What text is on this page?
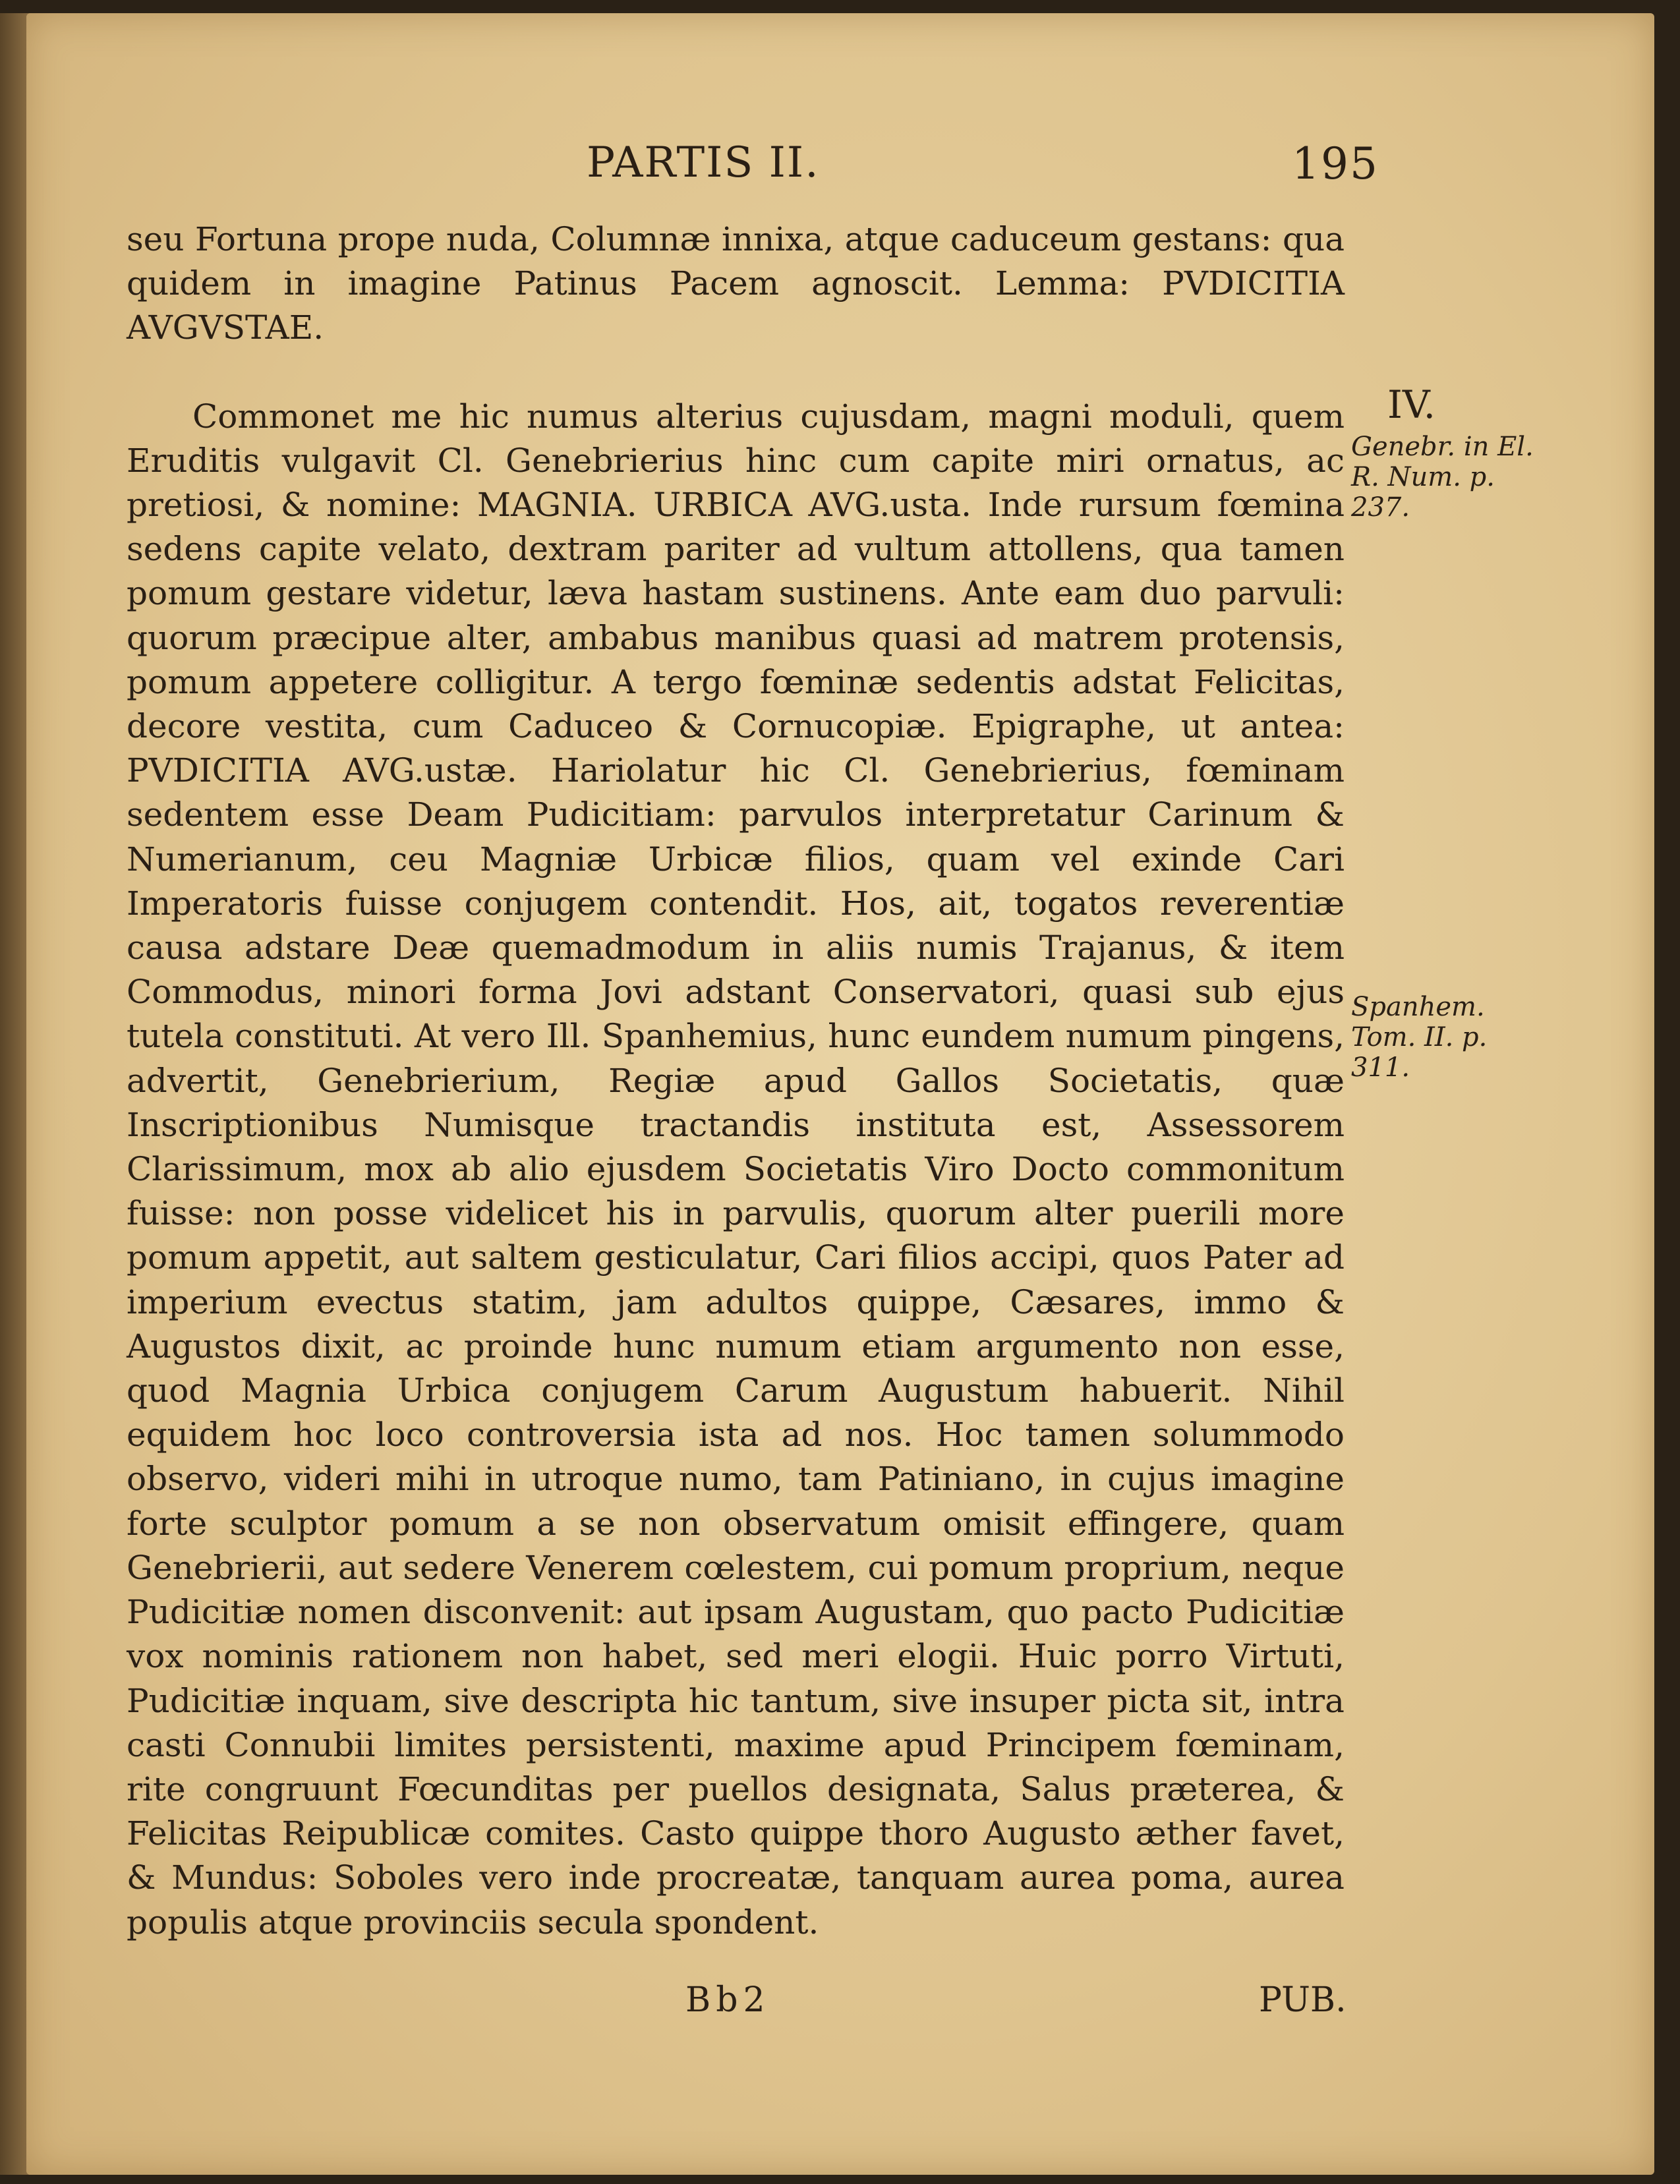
PARTIS II.	195

seu Fortuna prope nuda, Columnæ innixa, atque caduceum gestans: qua quidem in imagine Patinus Pacem agnoscit. Lemma: PVDICITIA AVGVSTAE.

Commonet me hic numus alterius cujusdam, magni moduli, quem Eruditis vulgavit Cl. Genebrierius hinc cum capite miri ornatus, ac pretiosi, & nomine: MAGNIA. URBICA AVG.usta. Inde rursum fœmina sedens capite velato, dextram pariter ad vultum attollens, qua tamen pomum gestare videtur, læva hastam sustinens. Ante eam duo parvuli: quorum præcipue alter, ambabus manibus quasi ad matrem protensis, pomum appetere colligitur. A tergo fœminæ sedentis adstat Felicitas, decore vestita, cum Caduceo & Cornucopiæ. Epigraphe, ut antea: PVDICITIA AVG.ustæ. Hariolatur hic Cl. Genebrierius, fœminam sedentem esse Deam Pudicitiam: parvulos interpretatur Carinum & Numerianum, ceu Magniæ Urbicæ filios, quam vel exinde Cari Imperatoris fuisse conjugem contendit. Hos, ait, togatos reverentiæ causa adstare Deæ quemadmodum in aliis numis Trajanus, & item Commodus, minori forma Jovi adstant Conservatori, quasi sub ejus tutela constituti. At vero Ill. Spanhemius, hunc eundem numum pingens, advertit, Genebrierium, Regiæ apud Gallos Societatis, quæ Inscriptionibus Numisque tractandis instituta est, Assessorem Clarissimum, mox ab alio ejusdem Societatis Viro Docto commonitum fuisse: non posse videlicet his in parvulis, quorum alter puerili more pomum appetit, aut saltem gesticulatur, Cari filios accipi, quos Pater ad imperium evectus statim, jam adultos quippe, Cæsares, immo & Augustos dixit, ac proinde hunc numum etiam argumento non esse, quod Magnia Urbica conjugem Carum Augustum habuerit. Nihil equidem hoc loco controversia ista ad nos. Hoc tamen solummodo observo, videri mihi in utroque numo, tam Patiniano, in cujus imagine forte sculptor pomum a se non observatum omisit effingere, quam Genebrierii, aut sedere Venerem cœlestem, cui pomum proprium, neque Pudicitiæ nomen disconvenit: aut ipsam Augustam, quo pacto Pudicitiæ vox nominis rationem non habet, sed meri elogii. Huic porro Virtuti, Pudicitiæ inquam, sive descripta hic tantum, sive insuper picta sit, intra casti Connubii limites persistenti, maxime apud Principem fœminam, rite congruunt Fœcunditas per puellos designata, Salus præterea, & Felicitas Reipublicæ comites. Casto quippe thoro Augusto æther favet, & Mundus: Soboles vero inde procreatæ, tanquam aurea poma, aurea populis atque provinciis secula spondent.

IV.
Genebr. in El. R. Num. p. 237.
Spanhem. Tom. II. p. 311.
Bb2	PUB.
